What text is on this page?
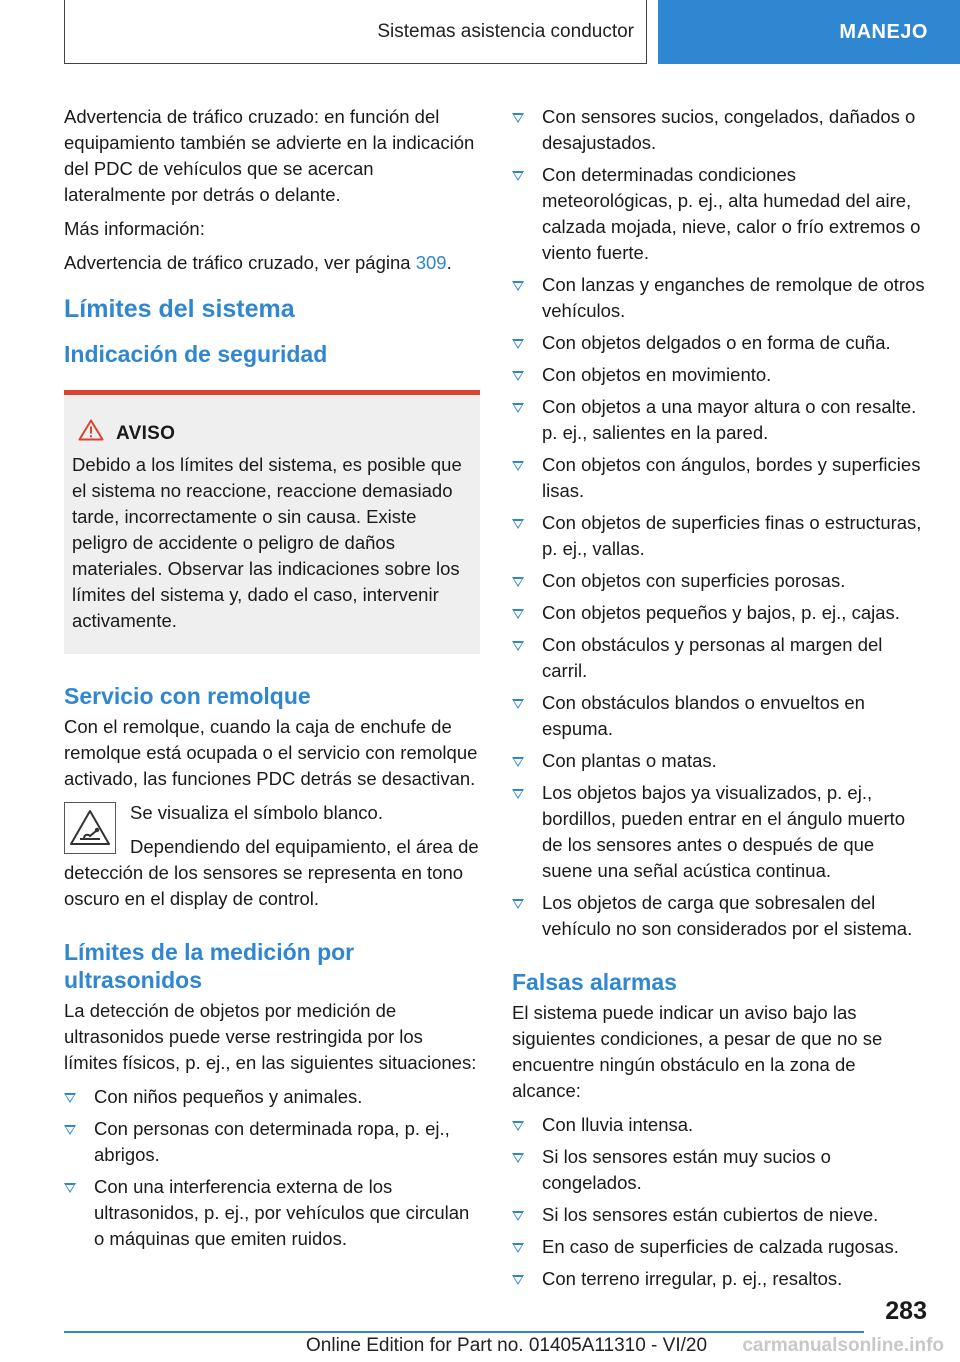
Sistemas asistencia conductor	MANEJO

Advertencia de tráfico cruzado: en función del equipamiento también se advierte en la indicación del PDC de vehículos que se acercan lateralmente por detrás o delante.

Más información:

Advertencia de tráfico cruzado, ver página 309.

Límites del sistema
Indicación de seguridad
AVISO

Debido a los límites del sistema, es posible que el sistema no reaccione, reaccione demasiado tarde, incorrectamente o sin causa. Existe peligro de accidente o peligro de daños materiales. Observar las indicaciones sobre los límites del sistema y, dado el caso, intervenir activamente.

Servicio con remolque

Con el remolque, cuando la caja de enchufe de remolque está ocupada o el servicio con remolque activado, las funciones PDC detrás se desactivan.

Se visualiza el símbolo blanco.

Dependiendo del equipamiento, el área de detección de los sensores se representa en tono oscuro en el display de control.

Límites de la medición por ultrasonidos

La detección de objetos por medición de ultrasonidos puede verse restringida por los límites físicos, p. ej., en las siguientes situaciones:

Con niños pequeños y animales.
Con personas con determinada ropa, p. ej., abrigos.
Con una interferencia externa de los ultrasonidos, p. ej., por vehículos que circulan o máquinas que emiten ruidos.
Con sensores sucios, congelados, dañados o desajustados.
Con determinadas condiciones meteorológicas, p. ej., alta humedad del aire, calzada mojada, nieve, calor o frío extremos o viento fuerte.
Con lanzas y enganches de remolque de otros vehículos.
Con objetos delgados o en forma de cuña.
Con objetos en movimiento.
Con objetos a una mayor altura o con resalte. p. ej., salientes en la pared.
Con objetos con ángulos, bordes y superficies lisas.
Con objetos de superficies finas o estructuras, p. ej., vallas.
Con objetos con superficies porosas.
Con objetos pequeños y bajos, p. ej., cajas.
Con obstáculos y personas al margen del carril.
Con obstáculos blandos o envueltos en espuma.
Con plantas o matas.
Los objetos bajos ya visualizados, p. ej., bordillos, pueden entrar en el ángulo muerto de los sensores antes o después de que suene una señal acústica continua.
Los objetos de carga que sobresalen del vehículo no son considerados por el sistema.
Falsas alarmas

El sistema puede indicar un aviso bajo las siguientes condiciones, a pesar de que no se encuentre ningún obstáculo en la zona de alcance:

Con lluvia intensa.
Si los sensores están muy sucios o congelados.
Si los sensores están cubiertos de nieve.
En caso de superficies de calzada rugosas.
Con terreno irregular, p. ej., resaltos.
283
Online Edition for Part no. 01405A11310 - VI/20 carmanualsonline.info
